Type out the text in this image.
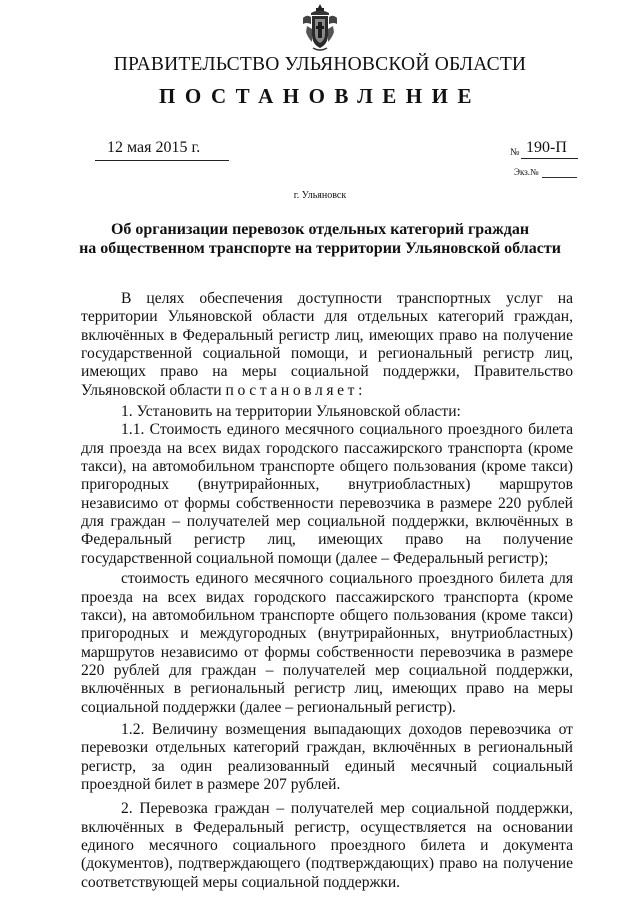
ПРАВИТЕЛЬСТВО УЛЬЯНОВСКОЙ ОБЛАСТИ
ПОСТАНОВЛЕНИЕ
12 мая 2015 г.	№ 190-П
Экз.№
г. Ульяновск
Об организации перевозок отдельных категорий граждан
на общественном транспорте на территории Ульяновской области

В целях обеспечения доступности транспортных услуг на территории Ульяновской области для отдельных категорий граждан, включённых в Федеральный регистр лиц, имеющих право на получение государственной социальной помощи, и региональный регистр лиц, имеющих право на меры социальной поддержки, Правительство Ульяновской области постановляет:

1. Установить на территории Ульяновской области:

1.1. Стоимость единого месячного социального проездного билета для проезда на всех видах городского пассажирского транспорта (кроме такси), на автомобильном транспорте общего пользования (кроме такси) пригородных (внутрирайонных, внутриобластных) маршрутов независимо от формы собственности перевозчика в размере 220 рублей для граждан – получателей мер социальной поддержки, включённых в Федеральный регистр лиц, имеющих право на получение государственной социальной помощи (далее – Федеральный регистр);

стоимость единого месячного социального проездного билета для проезда на всех видах городского пассажирского транспорта (кроме такси), на автомобильном транспорте общего пользования (кроме такси) пригородных и междугородных (внутрирайонных, внутриобластных) маршрутов независимо от формы собственности перевозчика в размере 220 рублей для граждан – получателей мер социальной поддержки, включённых в региональный регистр лиц, имеющих право на меры социальной поддержки (далее – региональный регистр).

1.2. Величину возмещения выпадающих доходов перевозчика от перевозки отдельных категорий граждан, включённых в региональный регистр, за один реализованный единый месячный социальный проездной билет в размере 207 рублей.

2. Перевозка граждан – получателей мер социальной поддержки, включённых в Федеральный регистр, осуществляется на основании единого месячного социального проездного билета и документа (документов), подтверждающего (подтверждающих) право на получение соответствующей меры социальной поддержки.
